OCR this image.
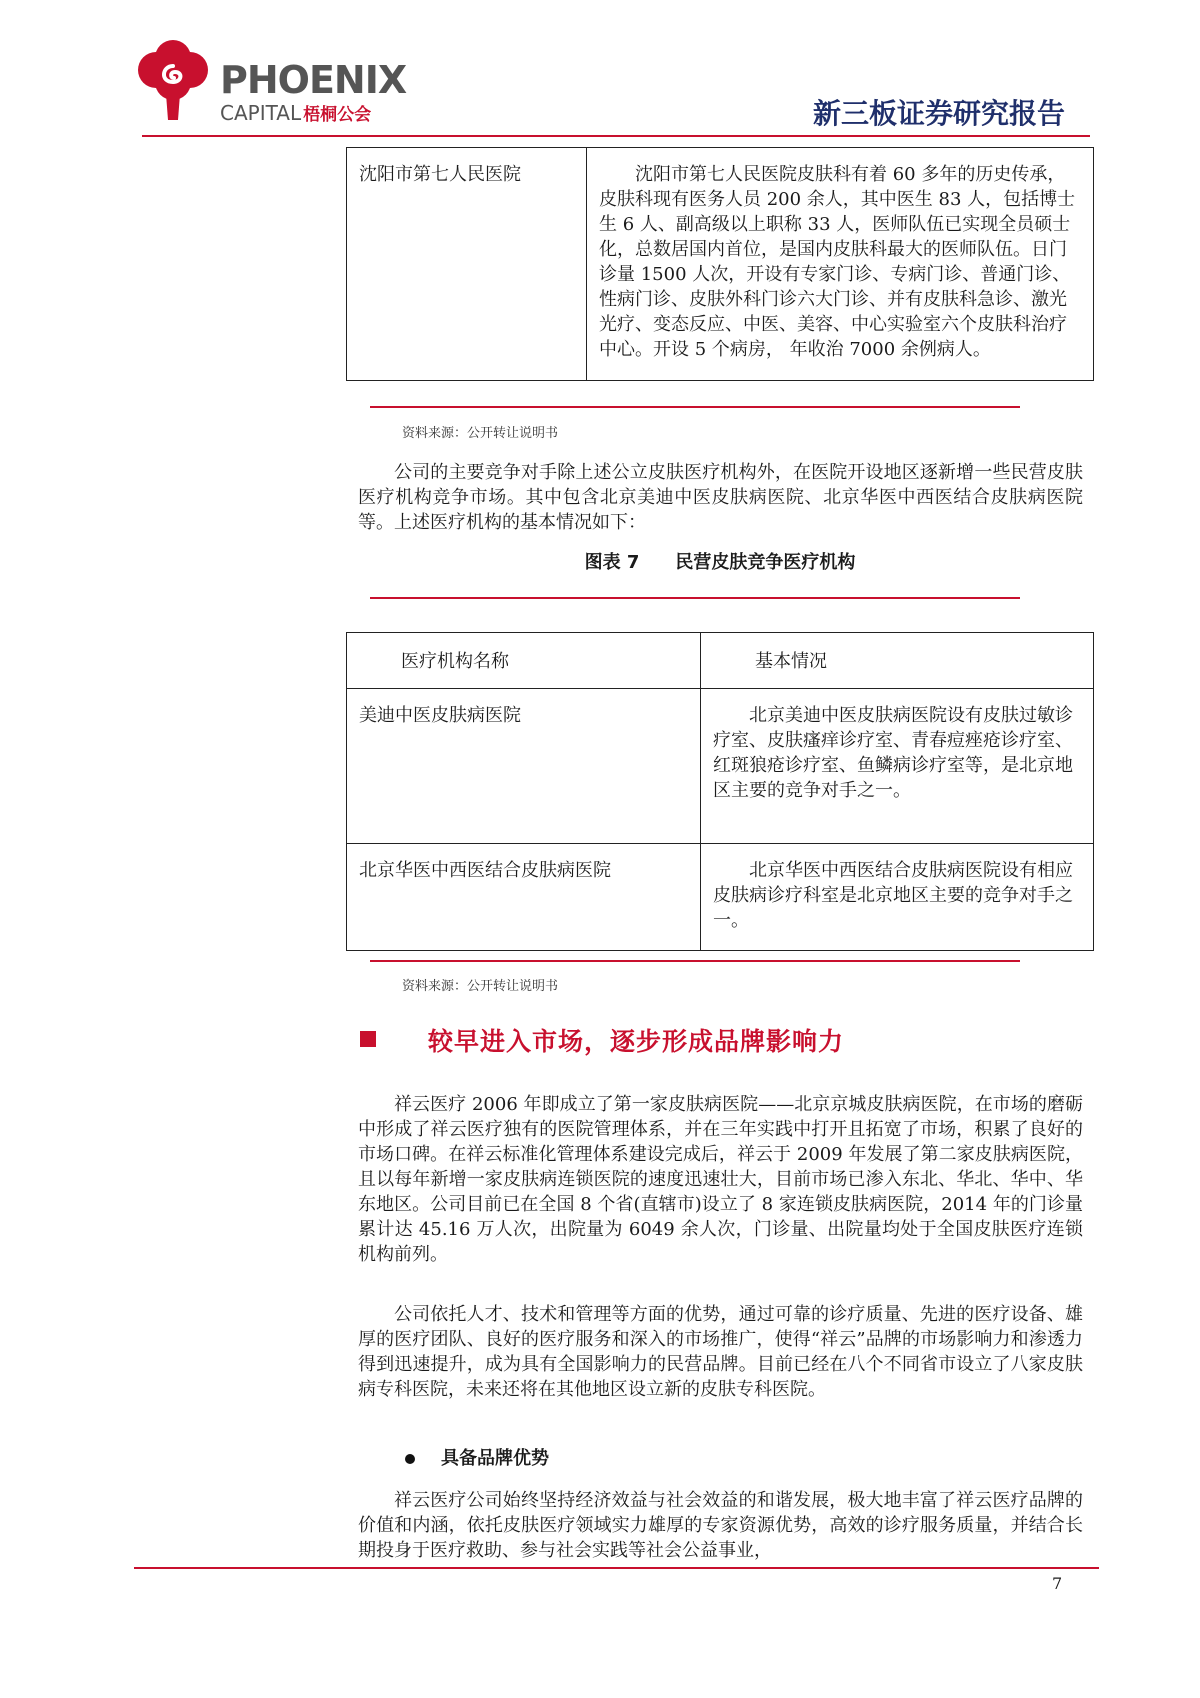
PHOENIX
CAPITAL 梧桐公会	新三板证券研究报告
沈阳市第七人民医院	沈阳市第七人民医院皮肤科有着 60 多年的历史传承， 皮肤科现有医务人员 200 余人，其中医生 83 人，包括博士生 6 人、副高级以上职称 33 人，医师队伍已实现全员硕士化，总数居国内首位，是国内皮肤科最大的医师队伍。日门诊量 1500 人次，开设有专家门诊、专病门诊、普通门诊、性病门诊、皮肤外科门诊六大门诊、并有皮肤科急诊、激光光疗、变态反应、中医、美容、中心实验室六个皮肤科治疗中心。开设 5 个病房， 年收治 7000 余例病人。
资料来源：公开转让说明书

公司的主要竞争对手除上述公立皮肤医疗机构外，在医院开设地区逐新增一些民营皮肤医疗机构竞争市场。其中包含北京美迪中医皮肤病医院、北京华医中西医结合皮肤病医院等。上述医疗机构的基本情况如下：

图表 7　　民营皮肤竞争医疗机构
医疗机构名称	基本情况
美迪中医皮肤病医院	北京美迪中医皮肤病医院设有皮肤过敏诊疗室、皮肤瘙痒诊疗室、青春痘痤疮诊疗室、红斑狼疮诊疗室、鱼鳞病诊疗室等，是北京地区主要的竞争对手之一。
北京华医中西医结合皮肤病医院	北京华医中西医结合皮肤病医院设有相应皮肤病诊疗科室是北京地区主要的竞争对手之一。
资料来源：公开转让说明书
较早进入市场，逐步形成品牌影响力

祥云医疗 2006 年即成立了第一家皮肤病医院——北京京城皮肤病医院，在市场的磨砺中形成了祥云医疗独有的医院管理体系，并在三年实践中打开且拓宽了市场，积累了良好的市场口碑。在祥云标准化管理体系建设完成后，祥云于 2009 年发展了第二家皮肤病医院，且以每年新增一家皮肤病连锁医院的速度迅速壮大，目前市场已渗入东北、华北、华中、华东地区。公司目前已在全国 8 个省(直辖市)设立了 8 家连锁皮肤病医院，2014 年的门诊量累计达 45.16 万人次，出院量为 6049 余人次，门诊量、出院量均处于全国皮肤医疗连锁机构前列。

公司依托人才、技术和管理等方面的优势，通过可靠的诊疗质量、先进的医疗设备、雄厚的医疗团队、良好的医疗服务和深入的市场推广，使得“祥云”品牌的市场影响力和渗透力得到迅速提升，成为具有全国影响力的民营品牌。目前已经在八个不同省市设立了八家皮肤病专科医院，未来还将在其他地区设立新的皮肤专科医院。

具备品牌优势

祥云医疗公司始终坚持经济效益与社会效益的和谐发展，极大地丰富了祥云医疗品牌的价值和内涵，依托皮肤医疗领域实力雄厚的专家资源优势，高效的诊疗服务质量，并结合长期投身于医疗救助、参与社会实践等社会公益事业，

7
